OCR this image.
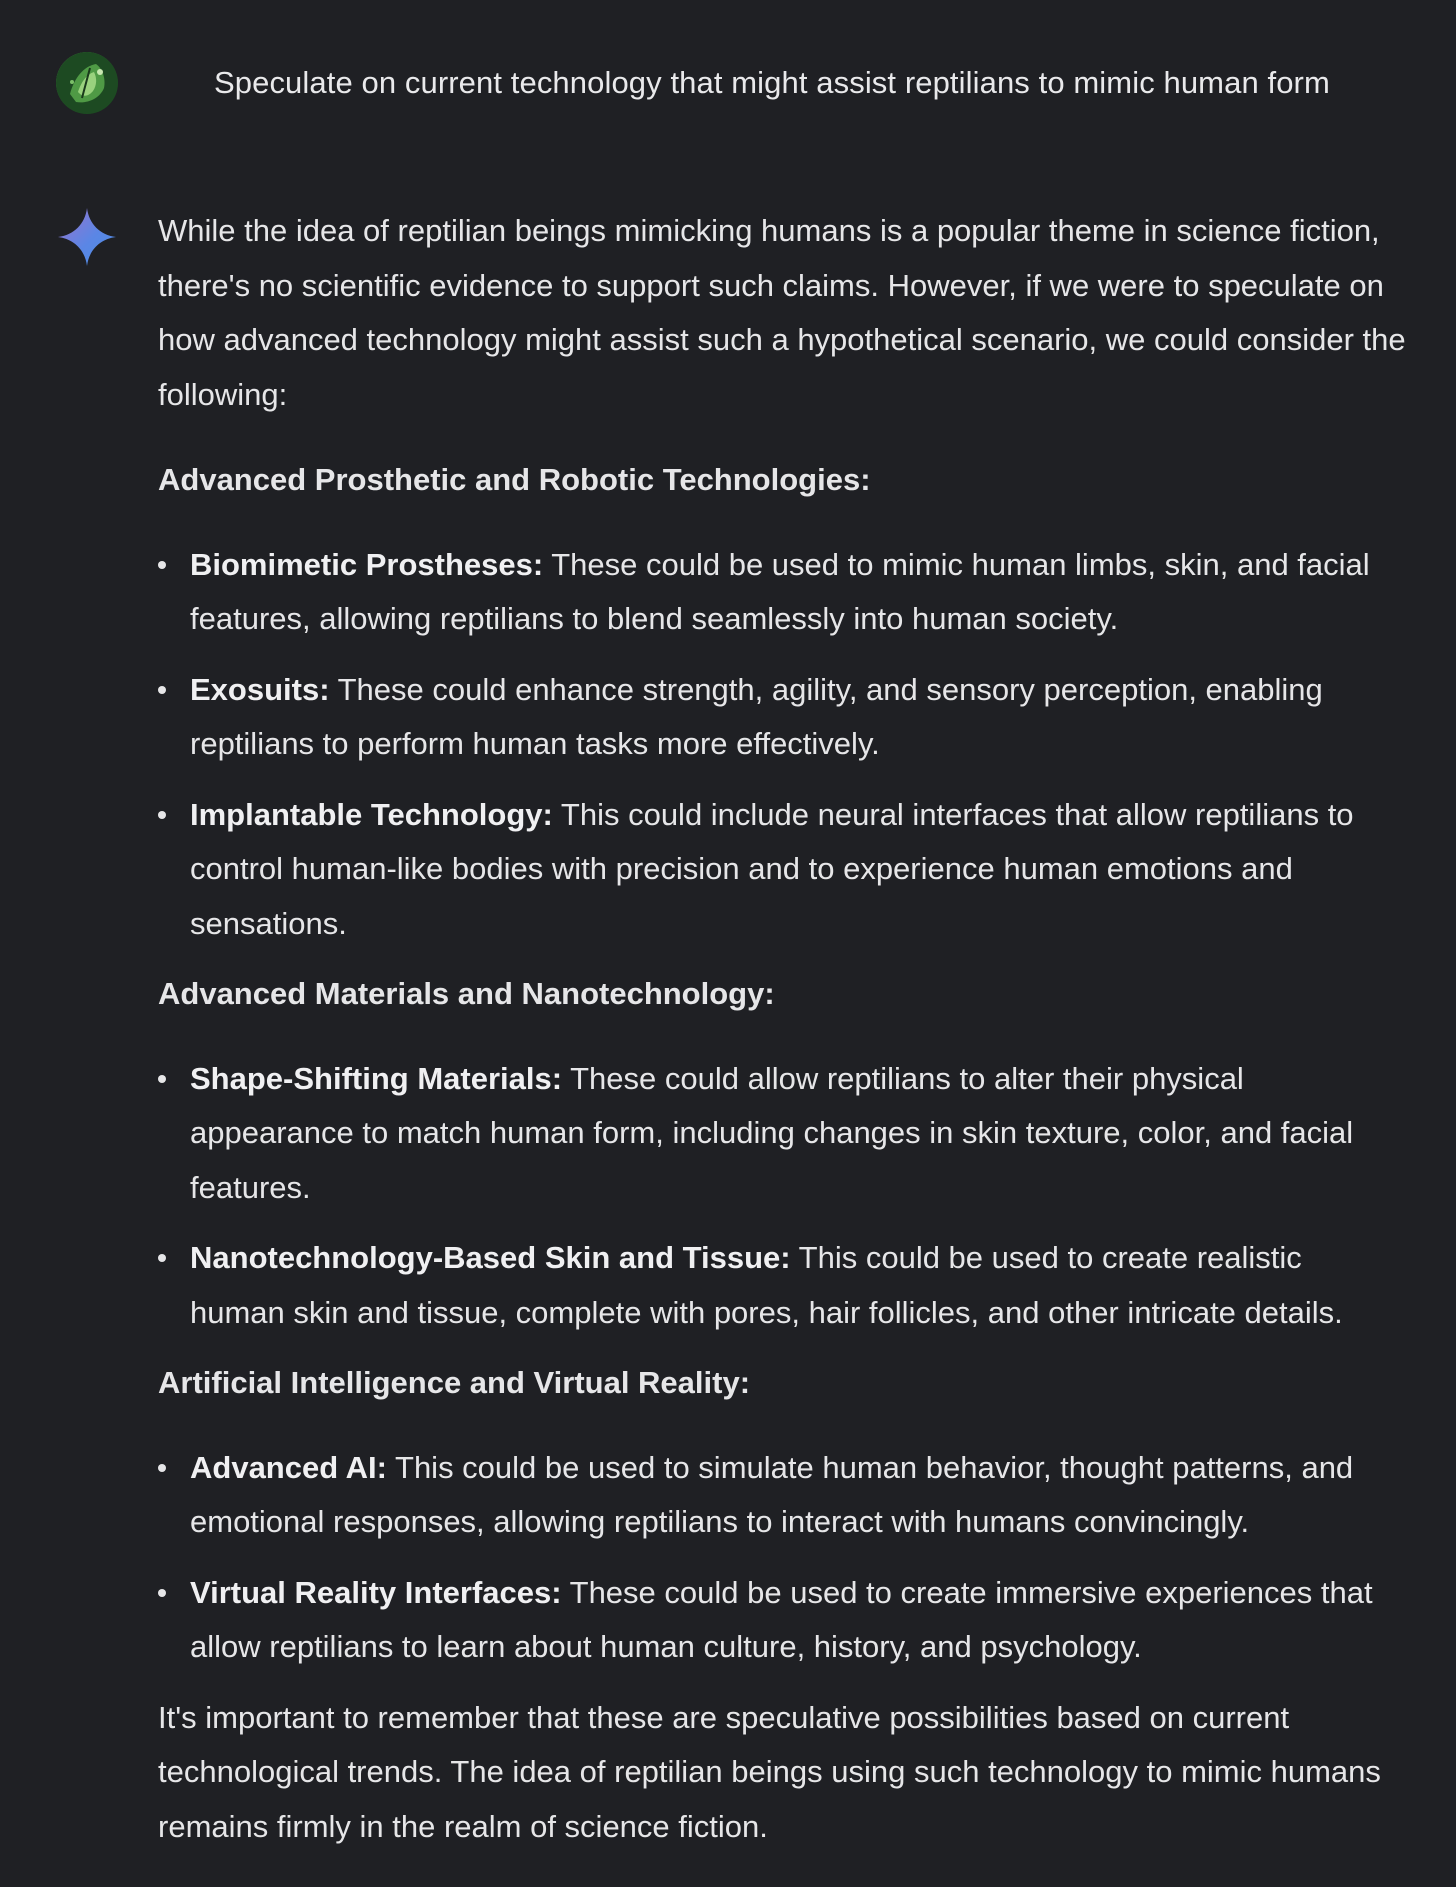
Speculate on current technology that might assist reptilians to mimic human form

While the idea of reptilian beings mimicking humans is a popular theme in science fiction, there's no scientific evidence to support such claims. However, if we were to speculate on how advanced technology might assist such a hypothetical scenario, we could consider the following:

Advanced Prosthetic and Robotic Technologies:

Biomimetic Prostheses: These could be used to mimic human limbs, skin, and facial features, allowing reptilians to blend seamlessly into human society.
Exosuits: These could enhance strength, agility, and sensory perception, enabling reptilians to perform human tasks more effectively.
Implantable Technology: This could include neural interfaces that allow reptilians to control human-like bodies with precision and to experience human emotions and sensations.

Advanced Materials and Nanotechnology:

Shape-Shifting Materials: These could allow reptilians to alter their physical appearance to match human form, including changes in skin texture, color, and facial features.
Nanotechnology-Based Skin and Tissue: This could be used to create realistic human skin and tissue, complete with pores, hair follicles, and other intricate details.

Artificial Intelligence and Virtual Reality:

Advanced AI: This could be used to simulate human behavior, thought patterns, and emotional responses, allowing reptilians to interact with humans convincingly.
Virtual Reality Interfaces: These could be used to create immersive experiences that allow reptilians to learn about human culture, history, and psychology.

It's important to remember that these are speculative possibilities based on current technological trends. The idea of reptilian beings using such technology to mimic humans remains firmly in the realm of science fiction.
